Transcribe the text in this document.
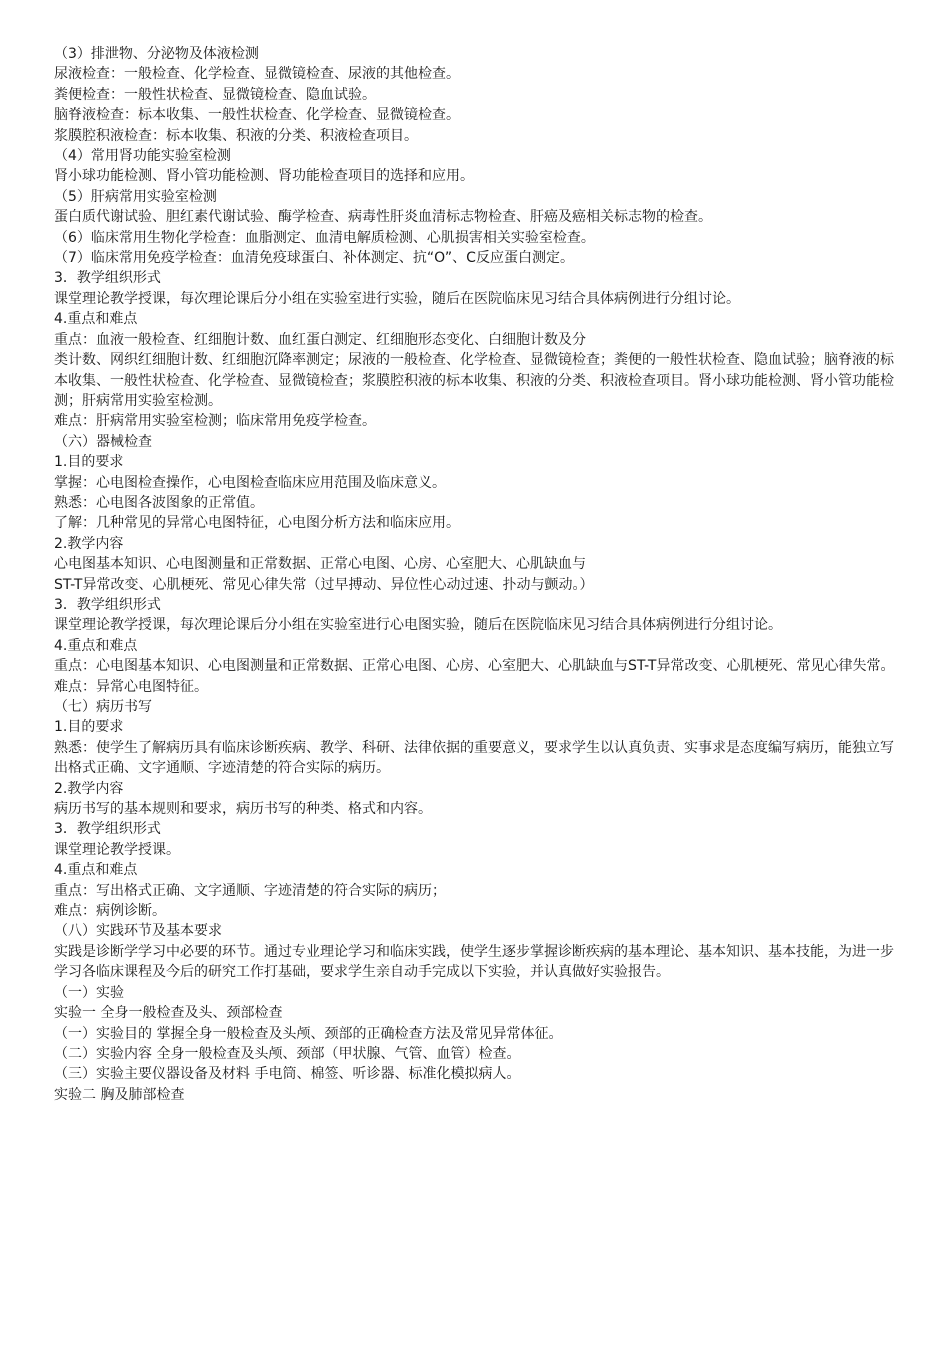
（3）排泄物、分泌物及体液检测

尿液检查：一般检查、化学检查、显微镜检查、尿液的其他检查。

粪便检查：一般性状检查、显微镜检查、隐血试验。

脑脊液检查：标本收集、一般性状检查、化学检查、显微镜检查。

浆膜腔积液检查：标本收集、积液的分类、积液检查项目。

（4）常用肾功能实验室检测

肾小球功能检测、肾小管功能检测、肾功能检查项目的选择和应用。

（5）肝病常用实验室检测

蛋白质代谢试验、胆红素代谢试验、酶学检查、病毒性肝炎血清标志物检查、肝癌及癌相关标志物的检查。

（6）临床常用生物化学检查：血脂测定、血清电解质检测、心肌损害相关实验室检查。

（7）临床常用免疫学检查：血清免疫球蛋白、补体测定、抗“O”、C反应蛋白测定。

3．教学组织形式

课堂理论教学授课，每次理论课后分小组在实验室进行实验，随后在医院临床见习结合具体病例进行分组讨论。

4.重点和难点

重点：血液一般检查、红细胞计数、血红蛋白测定、红细胞形态变化、白细胞计数及分

类计数、网织红细胞计数、红细胞沉降率测定；尿液的一般检查、化学检查、显微镜检查；粪便的一般性状检查、隐血试验；脑脊液的标本收集、一般性状检查、化学检查、显微镜检查；浆膜腔积液的标本收集、积液的分类、积液检查项目。肾小球功能检测、肾小管功能检测；肝病常用实验室检测。

难点：肝病常用实验室检测；临床常用免疫学检查。

（六）器械检查

1.目的要求

掌握：心电图检查操作，心电图检查临床应用范围及临床意义。

熟悉：心电图各波图象的正常值。

了解：几种常见的异常心电图特征，心电图分析方法和临床应用。

2.教学内容

心电图基本知识、心电图测量和正常数据、正常心电图、心房、心室肥大、心肌缺血与

ST-T异常改变、心肌梗死、常见心律失常（过早搏动、异位性心动过速、扑动与颤动。）

3．教学组织形式

课堂理论教学授课，每次理论课后分小组在实验室进行心电图实验，随后在医院临床见习结合具体病例进行分组讨论。

4.重点和难点

重点：心电图基本知识、心电图测量和正常数据、正常心电图、心房、心室肥大、心肌缺血与ST-T异常改变、心肌梗死、常见心律失常。

难点：异常心电图特征。

（七）病历书写

1.目的要求

熟悉：使学生了解病历具有临床诊断疾病、教学、科研、法律依据的重要意义，要求学生以认真负责、实事求是态度编写病历，能独立写出格式正确、文字通顺、字迹清楚的符合实际的病历。

2.教学内容

病历书写的基本规则和要求，病历书写的种类、格式和内容。

3．教学组织形式

课堂理论教学授课。

4.重点和难点

重点：写出格式正确、文字通顺、字迹清楚的符合实际的病历；

难点：病例诊断。

（八）实践环节及基本要求

实践是诊断学学习中必要的环节。通过专业理论学习和临床实践，使学生逐步掌握诊断疾病的基本理论、基本知识、基本技能，为进一步学习各临床课程及今后的研究工作打基础，要求学生亲自动手完成以下实验，并认真做好实验报告。

（一）实验

实验一 全身一般检查及头、颈部检查

（一）实验目的 掌握全身一般检查及头颅、颈部的正确检查方法及常见异常体征。

（二）实验内容 全身一般检查及头颅、颈部（甲状腺、气管、血管）检查。

（三）实验主要仪器设备及材料 手电筒、棉签、听诊器、标准化模拟病人。

实验二 胸及肺部检查
